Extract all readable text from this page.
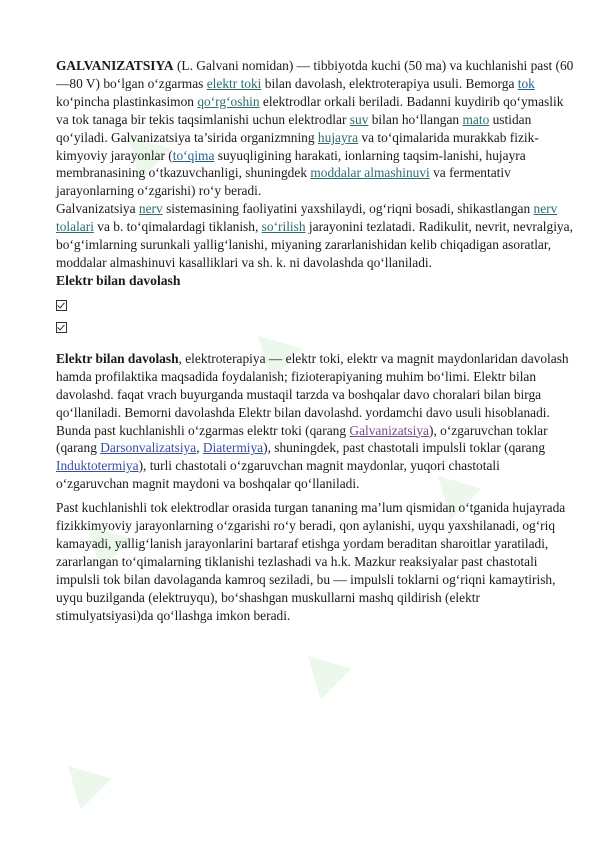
GALVANIZATSIYA (L. Galvani nomidan) — tibbiyotda kuchi (50 ma) va kuchlanishi past (60—80 V) bo‘lgan o‘zgarmas elektr toki bilan davolash, elektroterapiya usuli. Bemorga tok ko‘pincha plastinkasimon qo‘rg‘oshin elektrodlar orkali beriladi. Badanni kuydirib qo‘ymaslik va tok tanaga bir tekis taqsimlanishi uchun elektrodlar suv bilan ho‘llangan mato ustidan qo‘yiladi. Galvanizatsiya ta’sirida organizmning hujayra va to‘qimalarida murakkab fizik-kimyoviy jarayonlar (to‘qima suyuqligining harakati, ionlarning taqsim-lanishi, hujayra membranasining o‘tkazuvchanligi, shuningdek moddalar almashinuvi va fermentativ jarayonlarning o‘zgarishi) ro‘y beradi.

Galvanizatsiya nerv sistemasining faoliyatini yaxshilaydi, og‘riqni bosadi, shikastlangan nerv tolalari va b. to‘qimalardagi tiklanish, so‘rilish jarayonini tezlatadi. Radikulit, nevrit, nevralgiya, bo‘g‘imlarning surunkali yallig‘lanishi, miyaning zararlanishidan kelib chiqadigan asoratlar, moddalar almashinuvi kasalliklari va sh. k. ni davolashda qo‘llaniladi.

Elektr bilan davolash

Elektr bilan davolash, elektroterapiya — elektr toki, elektr va magnit maydonlaridan davolash hamda profilaktika maqsadida foydalanish; fizioterapiyaning muhim bo‘limi. Elektr bilan davolashd. faqat vrach buyurganda mustaqil tarzda va boshqalar davo choralari bilan birga qo‘llaniladi. Bemorni davolashda Elektr bilan davolashd. yordamchi davo usuli hisoblanadi. Bunda past kuchlanishli o‘zgarmas elektr toki (qarang Galvanizatsiya), o‘zgaruvchan toklar (qarang Darsonvalizatsiya, Diatermiya), shuningdek, past chastotali impulsli toklar (qarang Induktotermiya), turli chastotali o‘zgaruvchan magnit maydonlar, yuqori chastotali o‘zgaruvchan magnit maydoni va boshqalar qo‘llaniladi.

Past kuchlanishli tok elektrodlar orasida turgan tananing ma’lum qismidan o‘tganida hujayrada fizikkimyoviy jarayonlarning o‘zgarishi ro‘y beradi, qon aylanishi, uyqu yaxshilanadi, og‘riq kamayadi, yallig‘lanish jarayonlarini bartaraf etishga yordam beraditan sharoitlar yaratiladi, zararlangan to‘qimalarning tiklanishi tezlashadi va h.k. Mazkur reaksiyalar past chastotali impulsli tok bilan davolaganda kamroq seziladi, bu — impulsli toklarni og‘riqni kamaytirish, uyqu buzilganda (elektruyqu), bo‘shashgan muskullarni mashq qildirish (elektr stimulyatsiyasi)da qo‘llashga imkon beradi.
